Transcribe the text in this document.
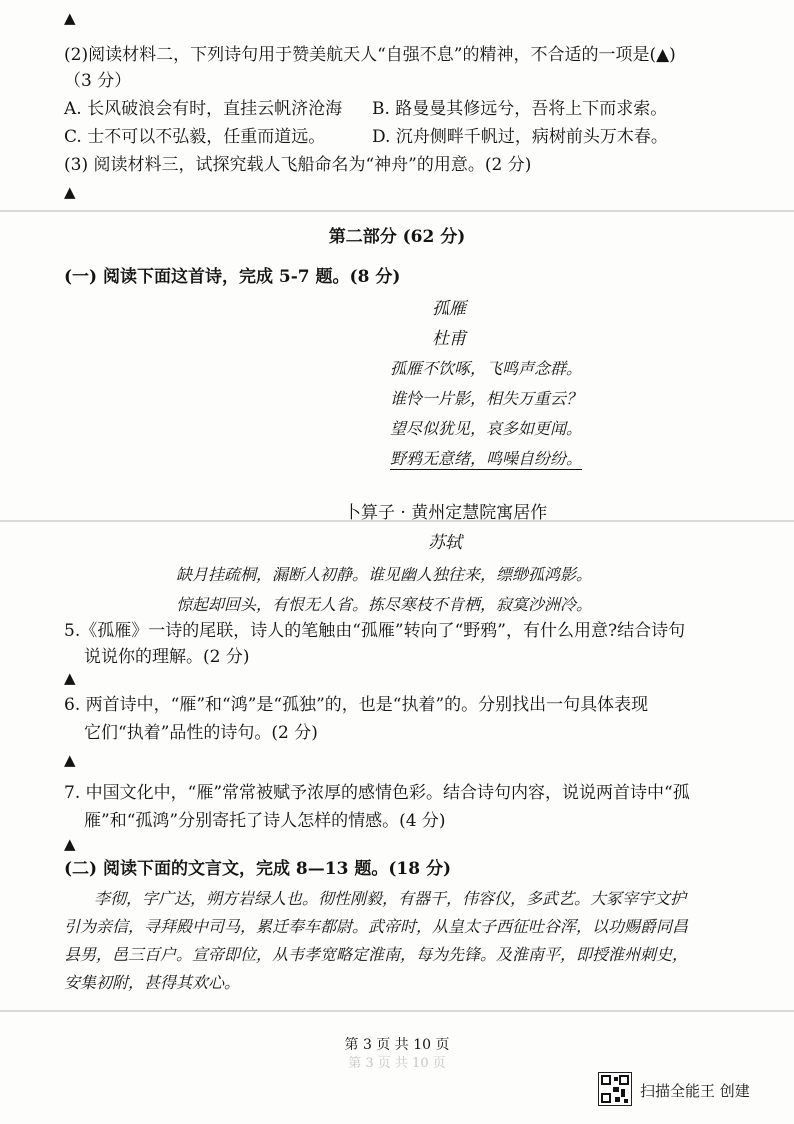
▲
(2)阅读材料二，下列诗句用于赞美航天人“自强不息”的精神，不合适的一项是(▲)
（3 分）
A. 长风破浪会有时，直挂云帆济沧海 B. 路曼曼其修远兮，吾将上下而求索。
C. 士不可以不弘毅，任重而道远。	D. 沉舟侧畔千帆过，病树前头万木春。
(3) 阅读材料三，试探究载人飞船命名为“神舟”的用意。(2 分)
▲
第二部分 (62 分)
(一) 阅读下面这首诗，完成 5-7 题。(8 分)
孤雁
杜甫
孤雁不饮啄，飞鸣声念群。
谁怜一片影，相失万重云？
望尽似犹见，哀多如更闻。
野鸦无意绪，鸣噪自纷纷。
卜算子 · 黄州定慧院寓居作
苏轼
缺月挂疏桐，漏断人初静。谁见幽人独往来，缥缈孤鸿影。
惊起却回头，有恨无人省。拣尽寒枝不肯栖，寂寞沙洲冷。
5.《孤雁》一诗的尾联，诗人的笔触由“孤雁”转向了“野鸦”，有什么用意?结合诗句
说说你的理解。(2 分)
▲
6. 两首诗中，“雁”和“鸿”是“孤独”的，也是“执着”的。分别找出一句具体表现
它们“执着”品性的诗句。(2 分)
▲
7. 中国文化中，“雁”常常被赋予浓厚的感情色彩。结合诗句内容，说说两首诗中“孤
雁”和“孤鸿”分别寄托了诗人怎样的情感。(4 分)
▲
(二) 阅读下面的文言文，完成 8—13 题。(18 分)
李彻，字广达，朔方岩绿人也。彻性刚毅，有器干，伟容仪，多武艺。大冢宰宇文护
引为亲信，寻拜殿中司马，累迁奉车都尉。武帝时，从皇太子西征吐谷浑，以功赐爵同昌
县男，邑三百户。宣帝即位，从韦孝宽略定淮南，每为先锋。及淮南平，即授淮州刺史，
安集初附，甚得其欢心。
第 3 页 共 10 页
第 3 页 共 10 页
扫描全能王 创建
